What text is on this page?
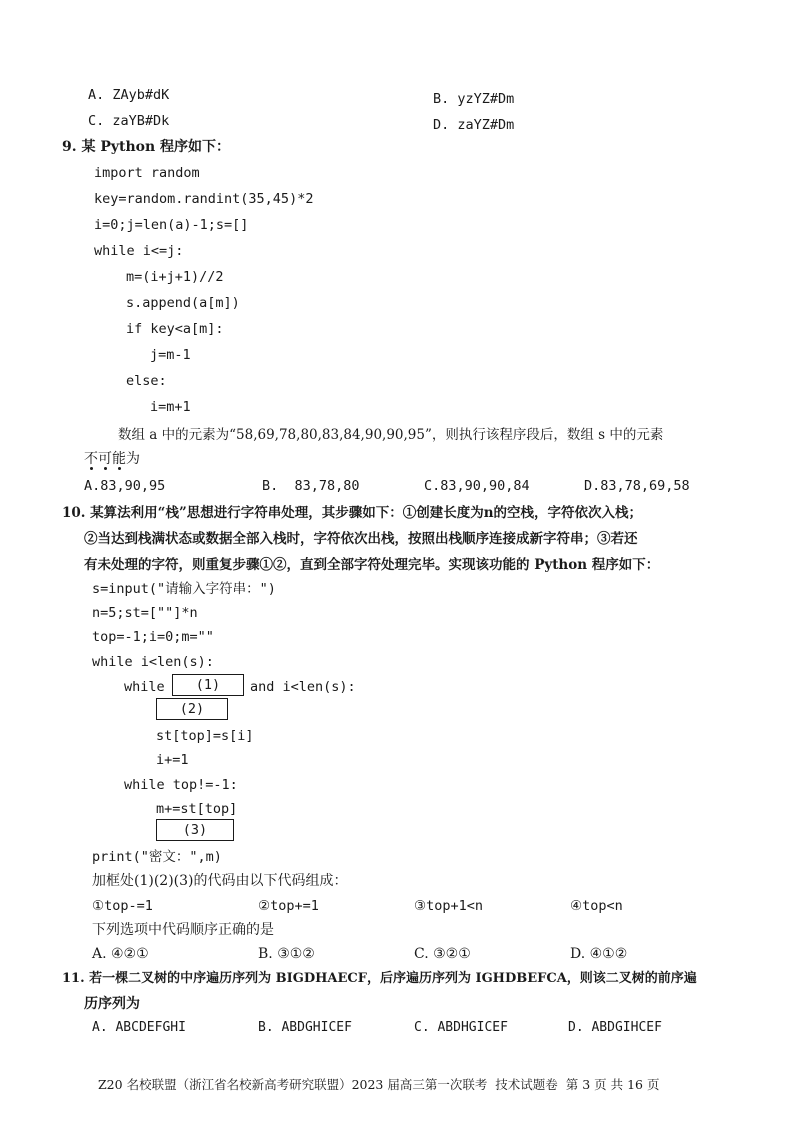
A. ZAyb#dK	B. yzYZ#Dm
C. zaYB#Dk	D. zaYZ#Dm
9. 某 Python 程序如下：
import random
key=random.randint(35,45)*2
i=0;j=len(a)-1;s=[]
while i<=j:
m=(i+j+1)//2
s.append(a[m])
if key<a[m]:
j=m-1
else:
i=m+1
数组 a 中的元素为“58,69,78,80,83,84,90,90,95”，则执行该程序段后，数组 s 中的元素
不可能为
A.83,90,95	B.  83,78,80	C.83,90,90,84	D.83,78,69,58
10. 某算法利用“栈”思想进行字符串处理，其步骤如下：①创建长度为n的空栈，字符依次入栈；
②当达到栈满状态或数据全部入栈时，字符依次出栈，按照出栈顺序连接成新字符串；③若还
有未处理的字符，则重复步骤①②，直到全部字符处理完毕。实现该功能的 Python 程序如下：
s=input("请输入字符串：")
n=5;st=[""]*n
top=-1;i=0;m=""
while i<len(s):
while	(1)	and i<len(s):
(2)
st[top]=s[i]
i+=1
while top!=-1:
m+=st[top]
(3)
print("密文：",m)
加框处(1)(2)(3)的代码由以下代码组成：
①top-=1	②top+=1	③top+1<n	④top<n
下列选项中代码顺序正确的是
A. ④②①	B. ③①②	C. ③②①	D. ④①②
11. 若一棵二叉树的中序遍历序列为 BIGDHAECF，后序遍历序列为 IGHDBEFCA，则该二叉树的前序遍
历序列为
A. ABCDEFGHI	B. ABDGHICEF	C. ABDHGICEF	D. ABDGIHCEF
Z20 名校联盟（浙江省名校新高考研究联盟）2023 届高三第一次联考  技术试题卷  第 3 页 共 16 页
